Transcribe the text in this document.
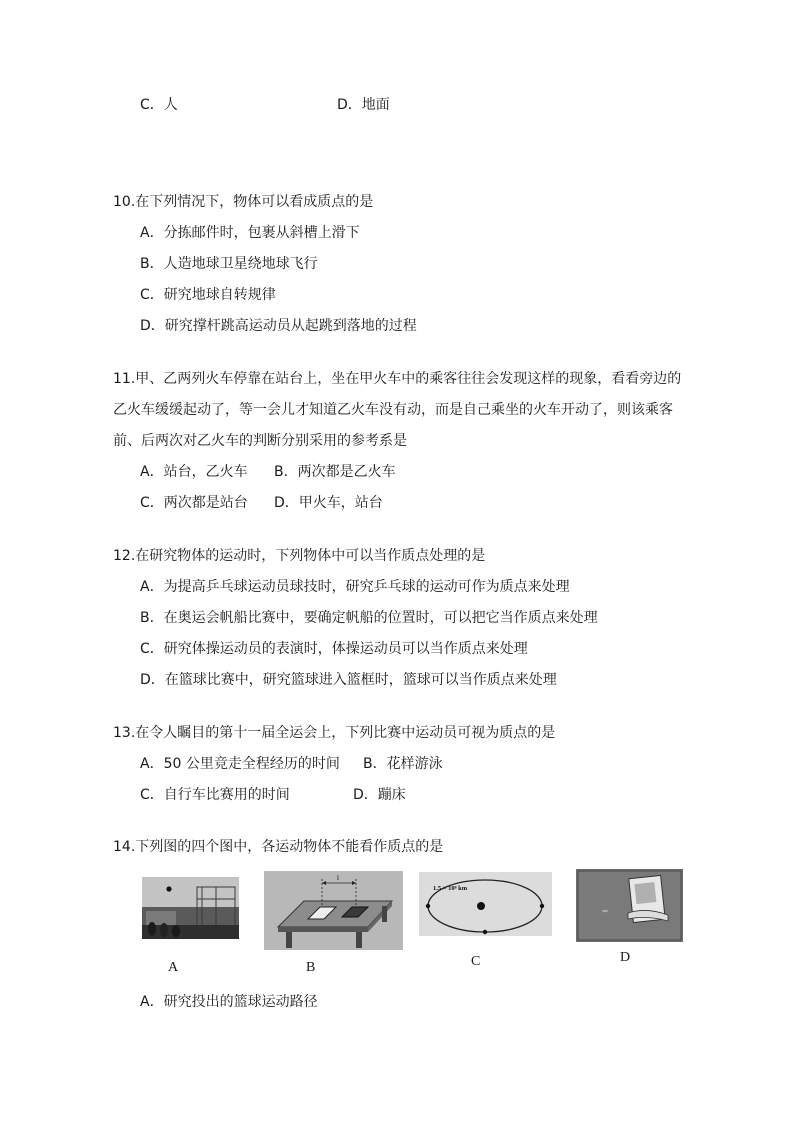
C．人	D．地面
10.在下列情况下，物体可以看成质点的是
A．分拣邮件时，包裹从斜槽上滑下
B．人造地球卫星绕地球飞行
C．研究地球自转规律
D．研究撑杆跳高运动员从起跳到落地的过程
11.甲、乙两列火车停靠在站台上，坐在甲火车中的乘客往往会发现这样的现象，看看旁边的
乙火车缓缓起动了，等一会儿才知道乙火车没有动，而是自己乘坐的火车开动了，则该乘客
前、后两次对乙火车的判断分别采用的参考系是
A．站台，乙火车 B．两次都是乙火车
C．两次都是站台 D．甲火车，站台
12.在研究物体的运动时，下列物体中可以当作质点处理的是
A．为提高乒乓球运动员球技时，研究乒乓球的运动可作为质点来处理
B．在奥运会帆船比赛中，要确定帆船的位置时，可以把它当作质点来处理
C．研究体操运动员的表演时，体操运动员可以当作质点来处理
D．在篮球比赛中，研究篮球进入篮框时，篮球可以当作质点来处理
13.在令人瞩目的第十一届全运会上，下列比赛中运动员可视为质点的是
A．50 公里竞走全程经历的时间 B．花样游泳
C．自行车比赛用的时间	D．蹦床
14.下列图的四个图中，各运动物体不能看作质点的是
A
l
B
1.5 × 10⁸ km
C	D
A．研究投出的篮球运动路径
